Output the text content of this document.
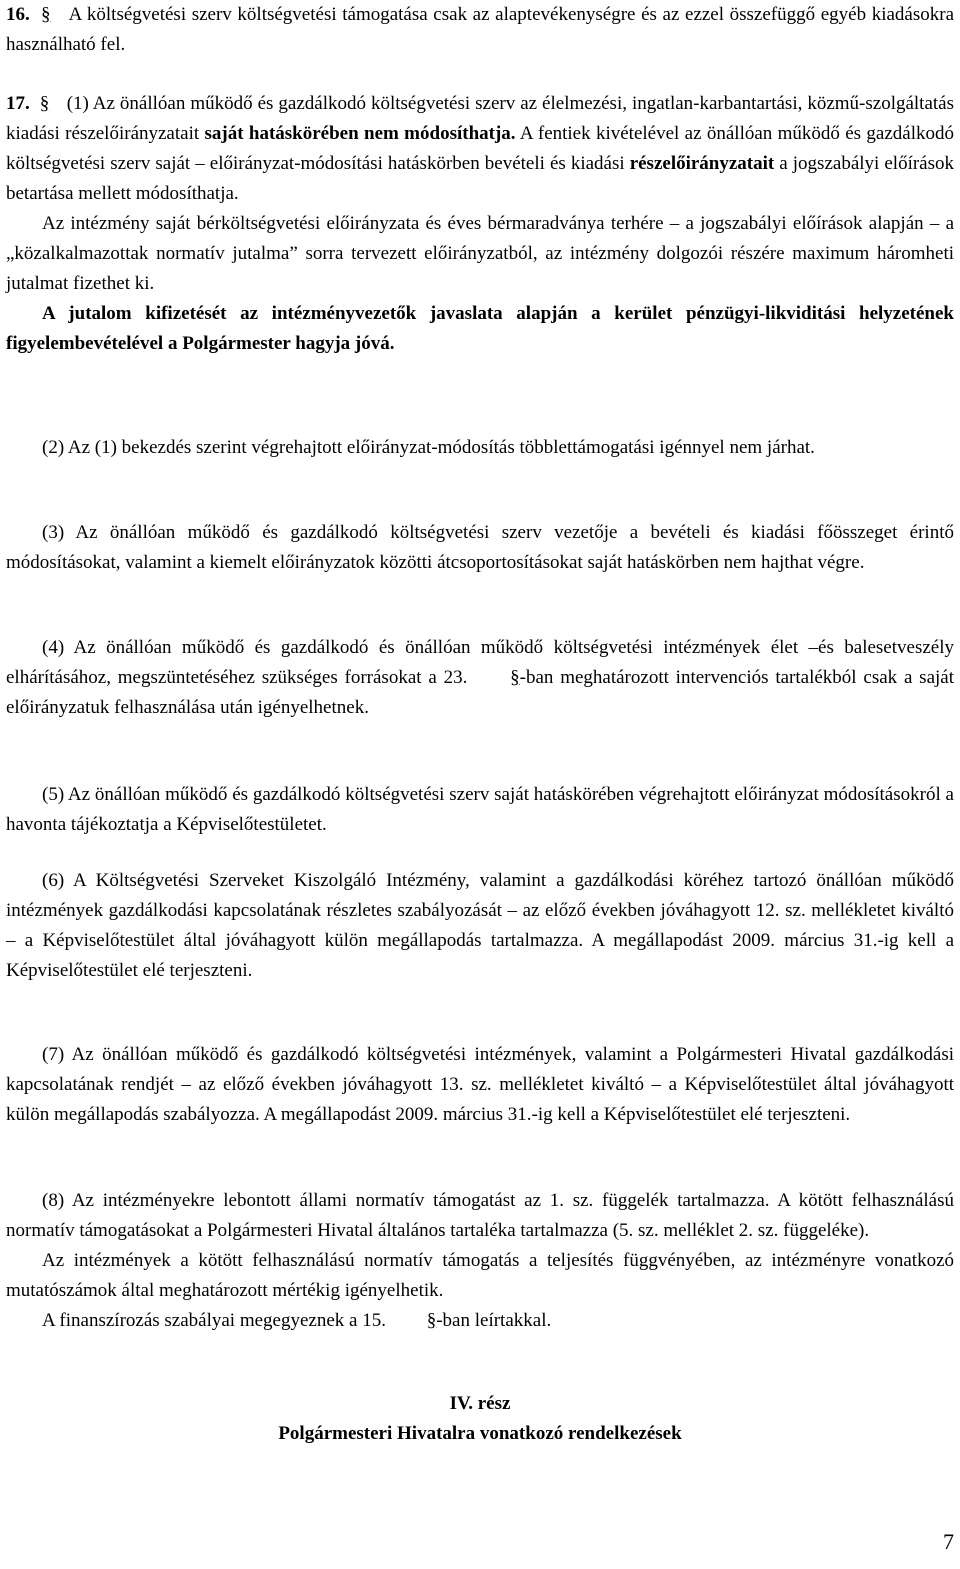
16. § A költségvetési szerv költségvetési támogatása csak az alaptevékenységre és az ezzel összefüggő egyéb kiadásokra használható fel.

17. § (1) Az önállóan működő és gazdálkodó költségvetési szerv az élelmezési, ingatlan-karbantartási, közmű-szolgáltatás kiadási részelőirányzatait saját hatáskörében nem módosíthatja. A fentiek kivételével az önállóan működő és gazdálkodó költségvetési szerv saját – előirányzat-módosítási hatáskörben bevételi és kiadási részelőirányzatait a jogszabályi előírások betartása mellett módosíthatja.

Az intézmény saját bérköltségvetési előirányzata és éves bérmaradványa terhére – a jogszabályi előírások alapján – a „közalkalmazottak normatív jutalma” sorra tervezett előirányzatból, az intézmény dolgozói részére maximum háromheti jutalmat fizethet ki.

A jutalom kifizetését az intézményvezetők javaslata alapján a kerület pénzügyi-likviditási helyzetének figyelembevételével a Polgármester hagyja jóvá.

(2) Az (1) bekezdés szerint végrehajtott előirányzat-módosítás többlettámogatási igénnyel nem járhat.

(3) Az önállóan működő és gazdálkodó költségvetési szerv vezetője a bevételi és kiadási főösszeget érintő módosításokat, valamint a kiemelt előirányzatok közötti átcsoportosításokat saját hatáskörben nem hajthat végre.

(4) Az önállóan működő és gazdálkodó és önállóan működő költségvetési intézmények élet –és balesetveszély elhárításához, megszüntetéséhez szükséges forrásokat a 23. §-ban meghatározott intervenciós tartalékból csak a saját előirányzatuk felhasználása után igényelhetnek.

(5) Az önállóan működő és gazdálkodó költségvetési szerv saját hatáskörében végrehajtott előirányzat módosításokról a havonta tájékoztatja a Képviselőtestületet.

(6) A Költségvetési Szerveket Kiszolgáló Intézmény, valamint a gazdálkodási köréhez tartozó önállóan működő intézmények gazdálkodási kapcsolatának részletes szabályozását – az előző években jóváhagyott 12. sz. mellékletet kiváltó – a Képviselőtestület által jóváhagyott külön megállapodás tartalmazza. A megállapodást 2009. március 31.-ig kell a Képviselőtestület elé terjeszteni.

(7) Az önállóan működő és gazdálkodó költségvetési intézmények, valamint a Polgármesteri Hivatal gazdálkodási kapcsolatának rendjét – az előző években jóváhagyott 13. sz. mellékletet kiváltó – a Képviselőtestület által jóváhagyott külön megállapodás szabályozza. A megállapodást 2009. március 31.-ig kell a Képviselőtestület elé terjeszteni.

(8) Az intézményekre lebontott állami normatív támogatást az 1. sz. függelék tartalmazza. A kötött felhasználású normatív támogatásokat a Polgármesteri Hivatal általános tartaléka tartalmazza (5. sz. melléklet 2. sz. függeléke).

Az intézmények a kötött felhasználású normatív támogatás a teljesítés függvényében, az intézményre vonatkozó mutatószámok által meghatározott mértékig igényelhetik.

A finanszírozás szabályai megegyeznek a 15. §-ban leírtakkal.

IV. rész

Polgármesteri Hivatalra vonatkozó rendelkezések

7
